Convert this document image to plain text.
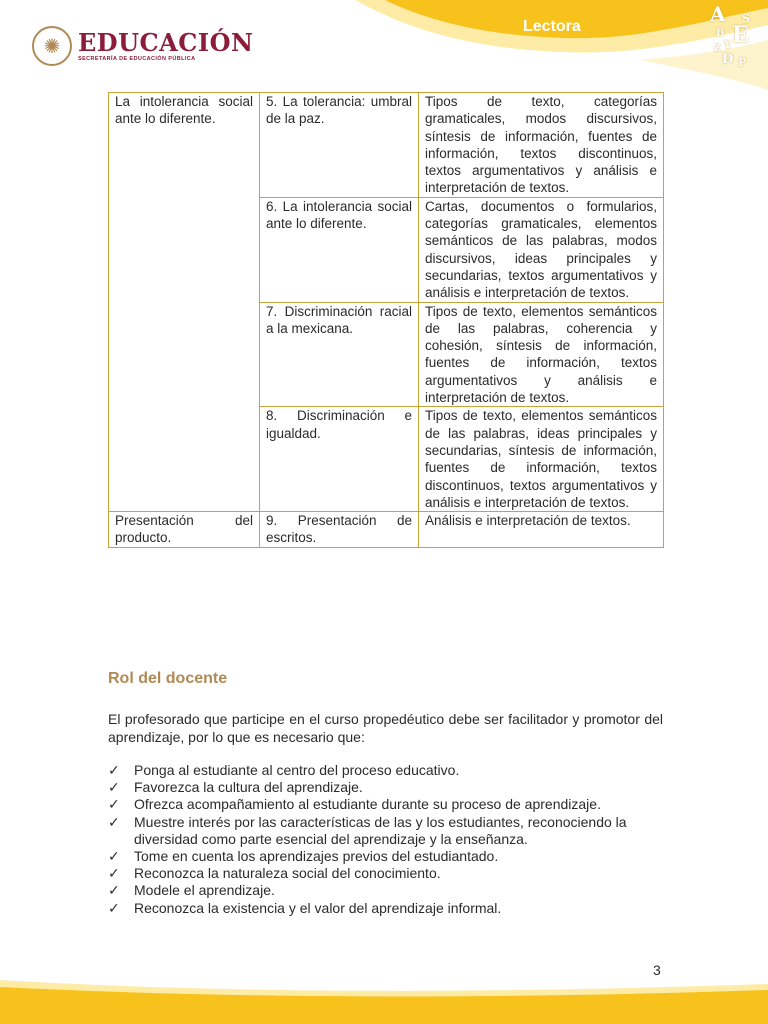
✺ EDUCACIÓN
SECRETARÍA DE EDUCACIÓN PÚBLICA
Lectora
A S
E
B
Y
Z
D P
La intolerancia social ante lo diferente.	5. La tolerancia: umbral de la paz.	Tipos de texto, categorías gramaticales, modos discursivos, síntesis de información, fuentes de información, textos discontinuos, textos argumentativos y análisis e interpretación de textos.
	6. La intolerancia social ante lo diferente.	Cartas, documentos o formularios, categorías gramaticales, elementos semánticos de las palabras, modos discursivos, ideas principales y secundarias, textos argumentativos y análisis e interpretación de textos.
	7. Discriminación racial a la mexicana.	Tipos de texto, elementos semánticos de las palabras, coherencia y cohesión, síntesis de información, fuentes de información, textos argumentativos y análisis e interpretación de textos.
	8. Discriminación e igualdad.	Tipos de texto, elementos semánticos de las palabras, ideas principales y secundarias, síntesis de información, fuentes de información, textos discontinuos, textos argumentativos y análisis e interpretación de textos.
Presentación del producto.	9. Presentación de escritos.	Análisis e interpretación de textos.
Rol del docente

El profesorado que participe en el curso propedéutico debe ser facilitador y promotor del aprendizaje, por lo que es necesario que:

✓	Ponga al estudiante al centro del proceso educativo.
✓	Favorezca la cultura del aprendizaje.
✓	Ofrezca acompañamiento al estudiante durante su proceso de aprendizaje.
✓	Muestre interés por las características de las y los estudiantes, reconociendo la diversidad como parte esencial del aprendizaje y la enseñanza.
✓	Tome en cuenta los aprendizajes previos del estudiantado.
✓	Reconozca la naturaleza social del conocimiento.
✓	Modele el aprendizaje.
✓	Reconozca la existencia y el valor del aprendizaje informal.
3
